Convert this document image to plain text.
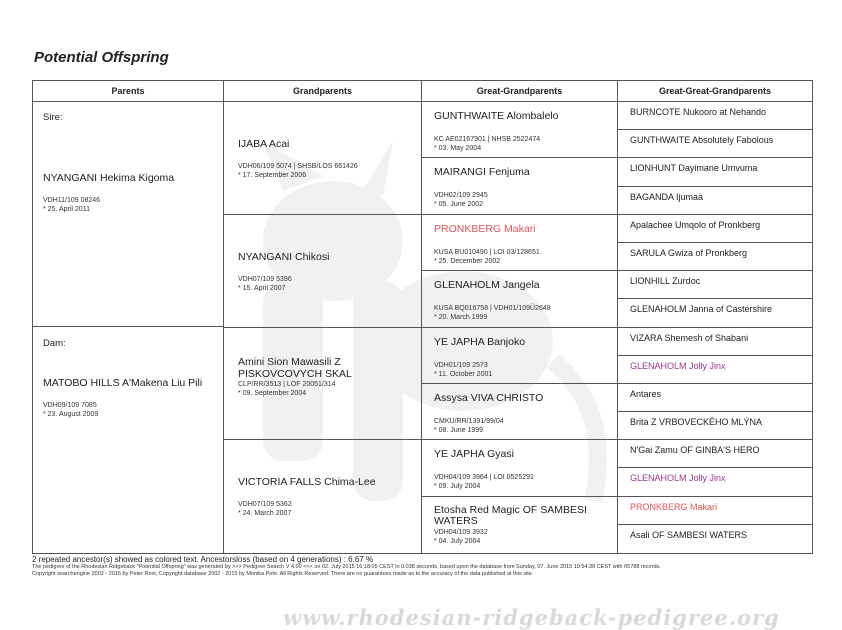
Potential Offspring
Parents
Sire:
NYANGANI Hekima Kigoma
VDH11/109 08246
* 25. April 2011
Dam:
MATOBO HILLS A'Makena Liu Pili
VDH09/109 7085
* 23. August 2009
Grandparents
IJABA Acai
VDH06/109 5074 | SHSB/LOS 661426
* 17. September 2006
NYANGANI Chikosi
VDH07/109 5396
* 15. April 2007
Amini Sion Mawasili Z PISKOVCOVYCH SKAL
CLP/RR/3513 | LOF 20051/314
* 09. September 2004
VICTORIA FALLS Chima-Lee
VDH07/109 5362
* 24. March 2007
Great-Grandparents
GUNTHWAITE Alombalelo
KC AE02167901 | NHSB 2522474
* 03. May 2004
MAIRANGI Fenjuma
VDH02/109 2945
* 05. June 2002
PRONKBERG Makari
KUSA BU010490 | LOI 03/128651
* 25. December 2002
GLENAHOLM Jangela
KUSA BQ016758 | VDH01/109Ü2648
* 20. March 1999
YE JAPHA Banjoko
VDH01/109 2573
* 11. October 2001
Assysa VIVA CHRISTO
CMKU/RR/1391/99/04
* 08. June 1999
YE JAPHA Gyasi
VDH04/109 3964 | LOI 0525291
* 09. July 2004
Etosha Red Magic OF SAMBESI WATERS
VDH04/109 3932
* 04. July 2004
Great-Great-Grandparents
BURNCOTE Nukooro at Nehando
GUNTHWAITE Absolutely Fabolous
LIONHUNT Dayimane Umvuma
BAGANDA Ijumaa
Apalachee Umqolo of Pronkberg
SARULA Gwiza of Pronkberg
LIONHILL Zurdoc
GLENAHOLM Janna of Castershire
VIZARA Shemesh of Shabani
GLENAHOLM Jolly Jinx
Antares
Brita Z VRBOVECKÉHO MLÝNA
N'Gai Zamu OF GINBA'S HERO
GLENAHOLM Jolly Jinx
PRONKBERG Makari
Asali OF SAMBESI WATERS
www.rhodesian-ridgeback-pedigree.org
2 repeated ancestor(s) showed as colored text. Ancestorsloss (based on 4 generations) : 6.67 %
The pedigree of the Rhodesian Ridgeback "Potential Offspring" was generated by >>> Pedigree Search V 4.00 <<< on 02. July 2015 16:18:05 CEST in 0.038 seconds, based upon the database from Sunday, 07. June 2015 10:54:38 CEST with 65788 records.
Copyright searchengine 2002 - 2015 by Peter Rost, Copyright database 2002 - 2015 by Monika Pehr. All Rights Reserved. There are no guarantees made as to the accuracy of the data published at this site.
